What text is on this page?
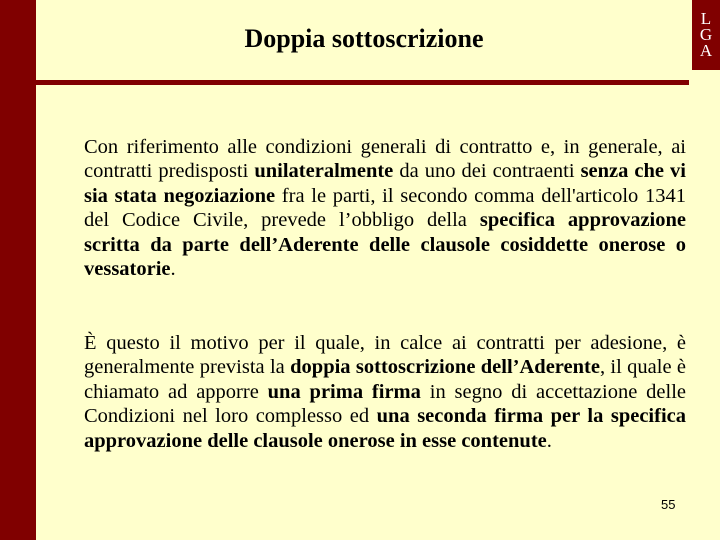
L
G
A
Doppia sottoscrizione

Con riferimento alle condizioni generali di contratto e, in generale, ai contratti predisposti unilateralmente da uno dei contraenti senza che vi sia stata negoziazione fra le parti, il secondo comma dell'articolo 1341 del Codice Civile, prevede l’obbligo della specifica approvazione scritta da parte dell’Aderente delle clausole cosiddette onerose o vessatorie.

È questo il motivo per il quale, in calce ai contratti per adesione, è generalmente prevista la doppia sottoscrizione dell’Aderente, il quale è chiamato ad apporre una prima firma in segno di accettazione delle Condizioni nel loro complesso ed una seconda firma per la specifica approvazione delle clausole onerose in esse contenute.

55
